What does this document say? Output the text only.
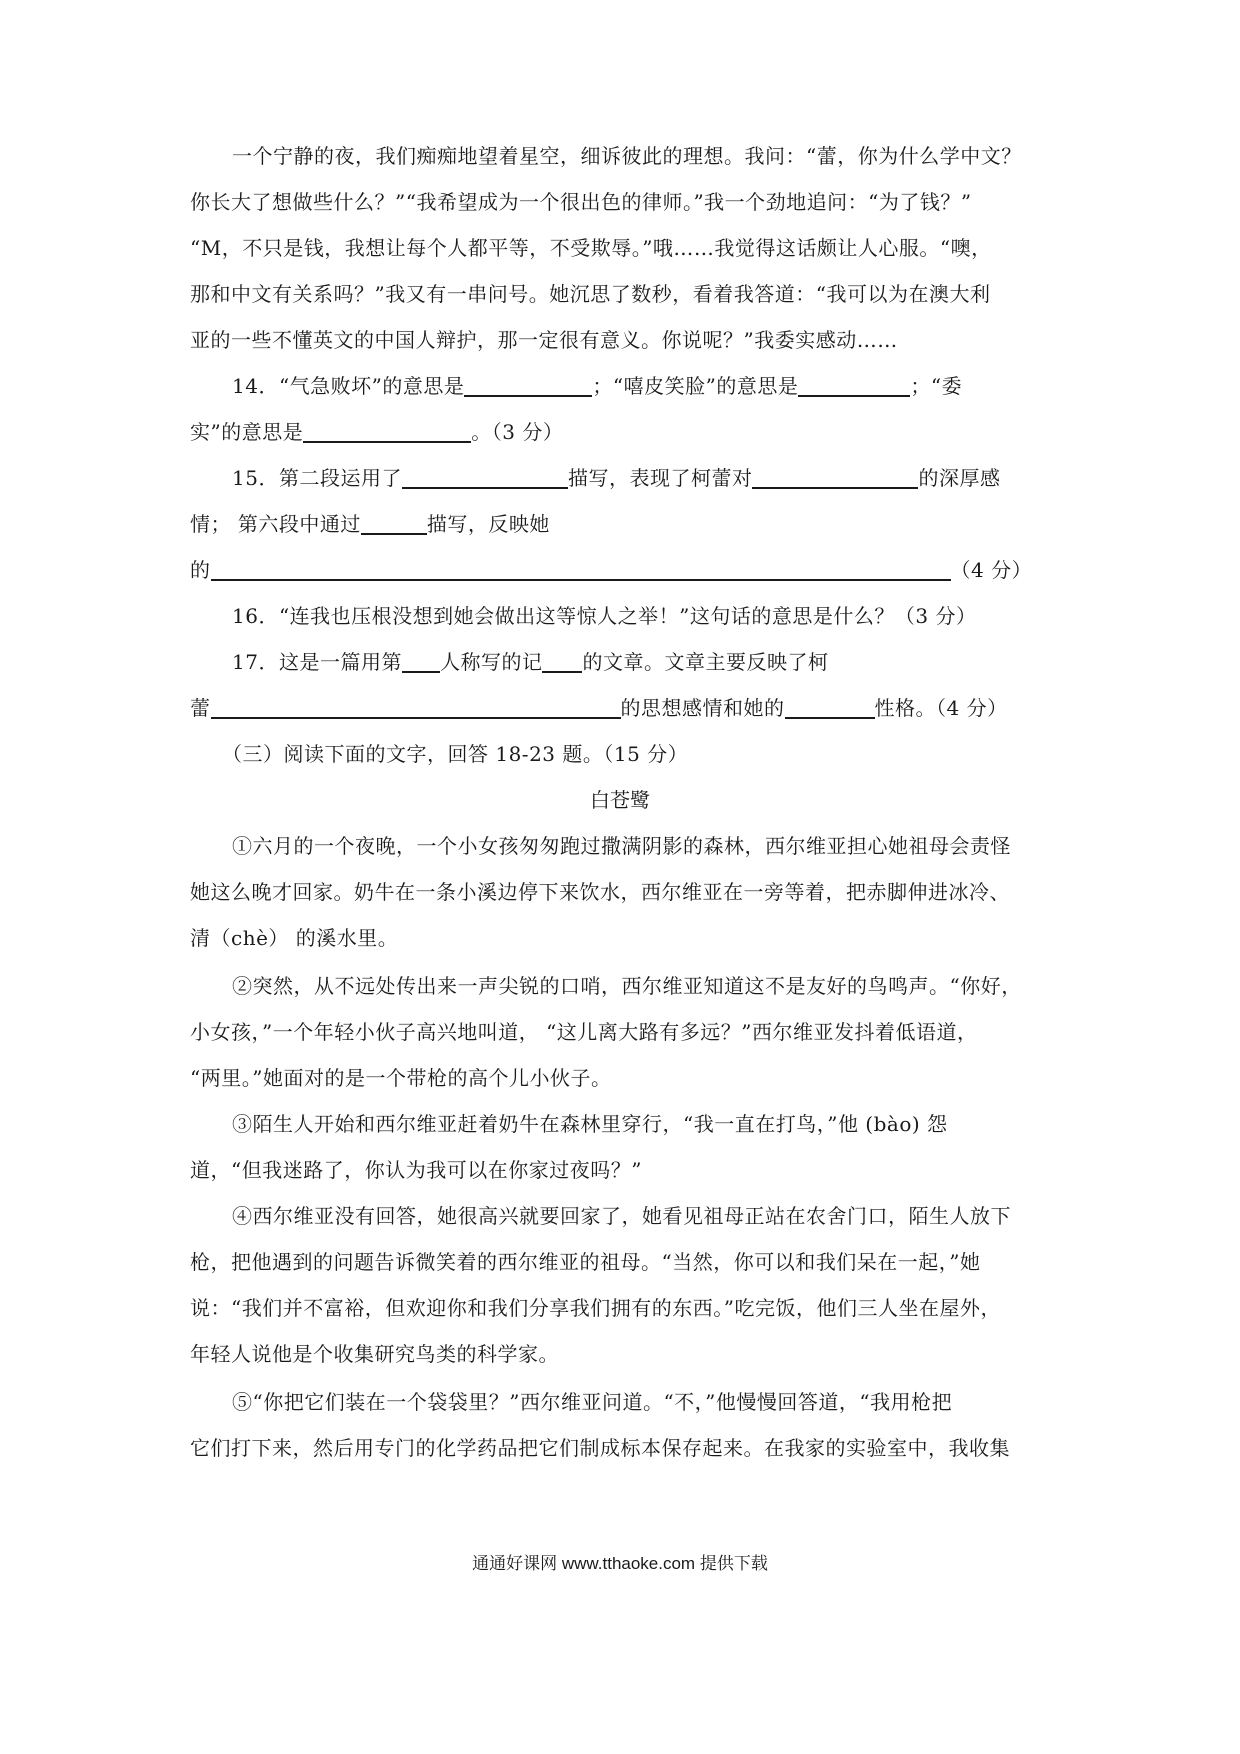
一个宁静的夜，我们痴痴地望着星空，细诉彼此的理想。我问：“蕾，你为什么学中文？
你长大了想做些什么？”“我希望成为一个很出色的律师。”我一个劲地追问：“为了钱？”
“M，不只是钱，我想让每个人都平等，不受欺辱。”哦……我觉得这话颇让人心服。“噢，
那和中文有关系吗？”我又有一串问号。她沉思了数秒，看着我答道：“我可以为在澳大利
亚的一些不懂英文的中国人辩护，那一定很有意义。你说呢？”我委实感动……
14．“气急败坏”的意思是	；“嘻皮笑脸”的意思是	；“委
实”的意思是	。（3 分）
15．第二段运用了	描写，表现了柯蕾对	的深厚感
情； 第六段中通过	描写，反映她
的	（4 分）
16．“连我也压根没想到她会做出这等惊人之举！”这句话的意思是什么？（3 分）
17．这是一篇用第 人称写的记 的文章。文章主要反映了柯
蕾	的思想感情和她的	性格。（4 分）
（三）阅读下面的文字，回答 18-23 题。（15 分）
白苍鹭
①六月的一个夜晚，一个小女孩匆匆跑过撒满阴影的森林，西尔维亚担心她祖母会责怪
她这么晚才回家。奶牛在一条小溪边停下来饮水，西尔维亚在一旁等着，把赤脚伸进冰冷、
清（chè） 的溪水里。
②突然，从不远处传出来一声尖锐的口哨，西尔维亚知道这不是友好的鸟鸣声。“你好，
小女孩，”一个年轻小伙子高兴地叫道， “这儿离大路有多远？”西尔维亚发抖着低语道，
“两里。”她面对的是一个带枪的高个儿小伙子。
③陌生人开始和西尔维亚赶着奶牛在森林里穿行，“我一直在打鸟，”他 (bào) 怨
道，“但我迷路了，你认为我可以在你家过夜吗？”
④西尔维亚没有回答，她很高兴就要回家了，她看见祖母正站在农舍门口，陌生人放下
枪，把他遇到的问题告诉微笑着的西尔维亚的祖母。“当然，你可以和我们呆在一起，”她
说：“我们并不富裕，但欢迎你和我们分享我们拥有的东西。”吃完饭，他们三人坐在屋外，
年轻人说他是个收集研究鸟类的科学家。
⑤“你把它们装在一个袋袋里？”西尔维亚问道。“不，”他慢慢回答道，“我用枪把
它们打下来，然后用专门的化学药品把它们制成标本保存起来。在我家的实验室中，我收集
通通好课网 www.tthaoke.com 提供下载
